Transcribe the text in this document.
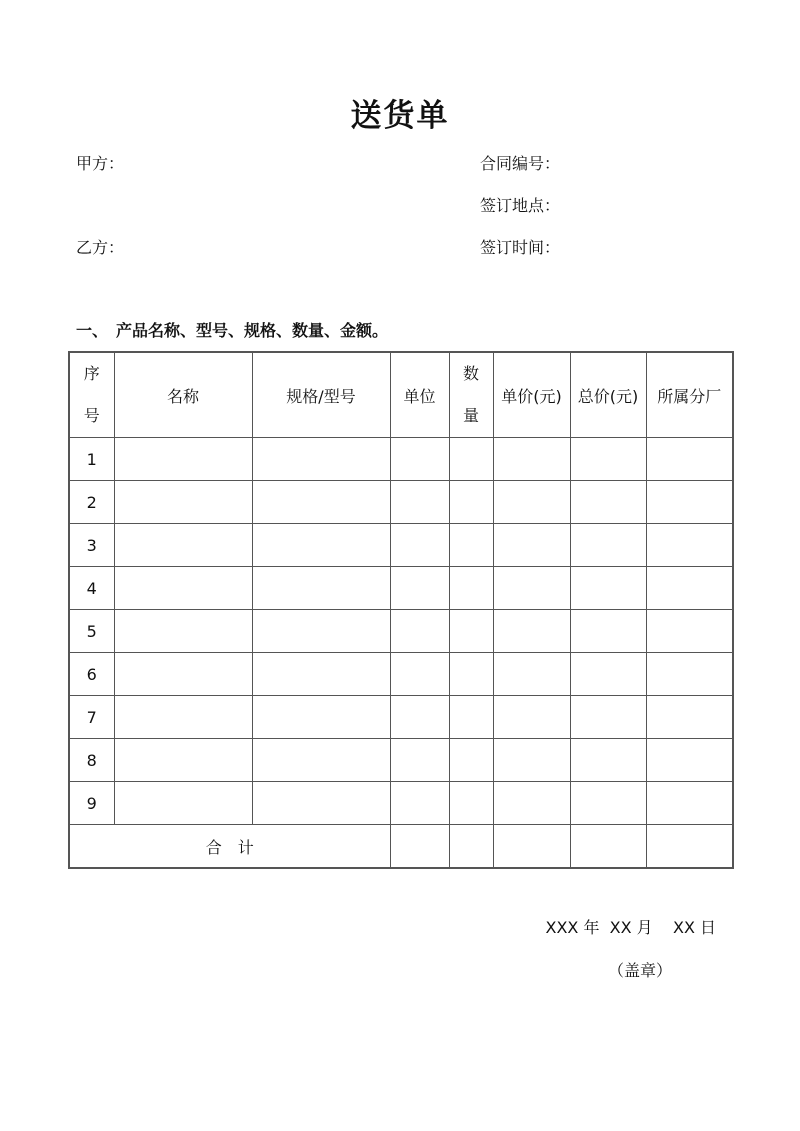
送货单
甲方：	合同编号：
签订地点：
乙方：	签订时间：
一、 产品名称、型号、规格、数量、金额。
序号	名称	规格/型号	单位	数量	单价(元)	总价(元)	所属分厂
1							
2							
3							
4							
5							
6							
7							
8							
9							
合计							
XXX 年  XX 月    XX 日
（盖章）
